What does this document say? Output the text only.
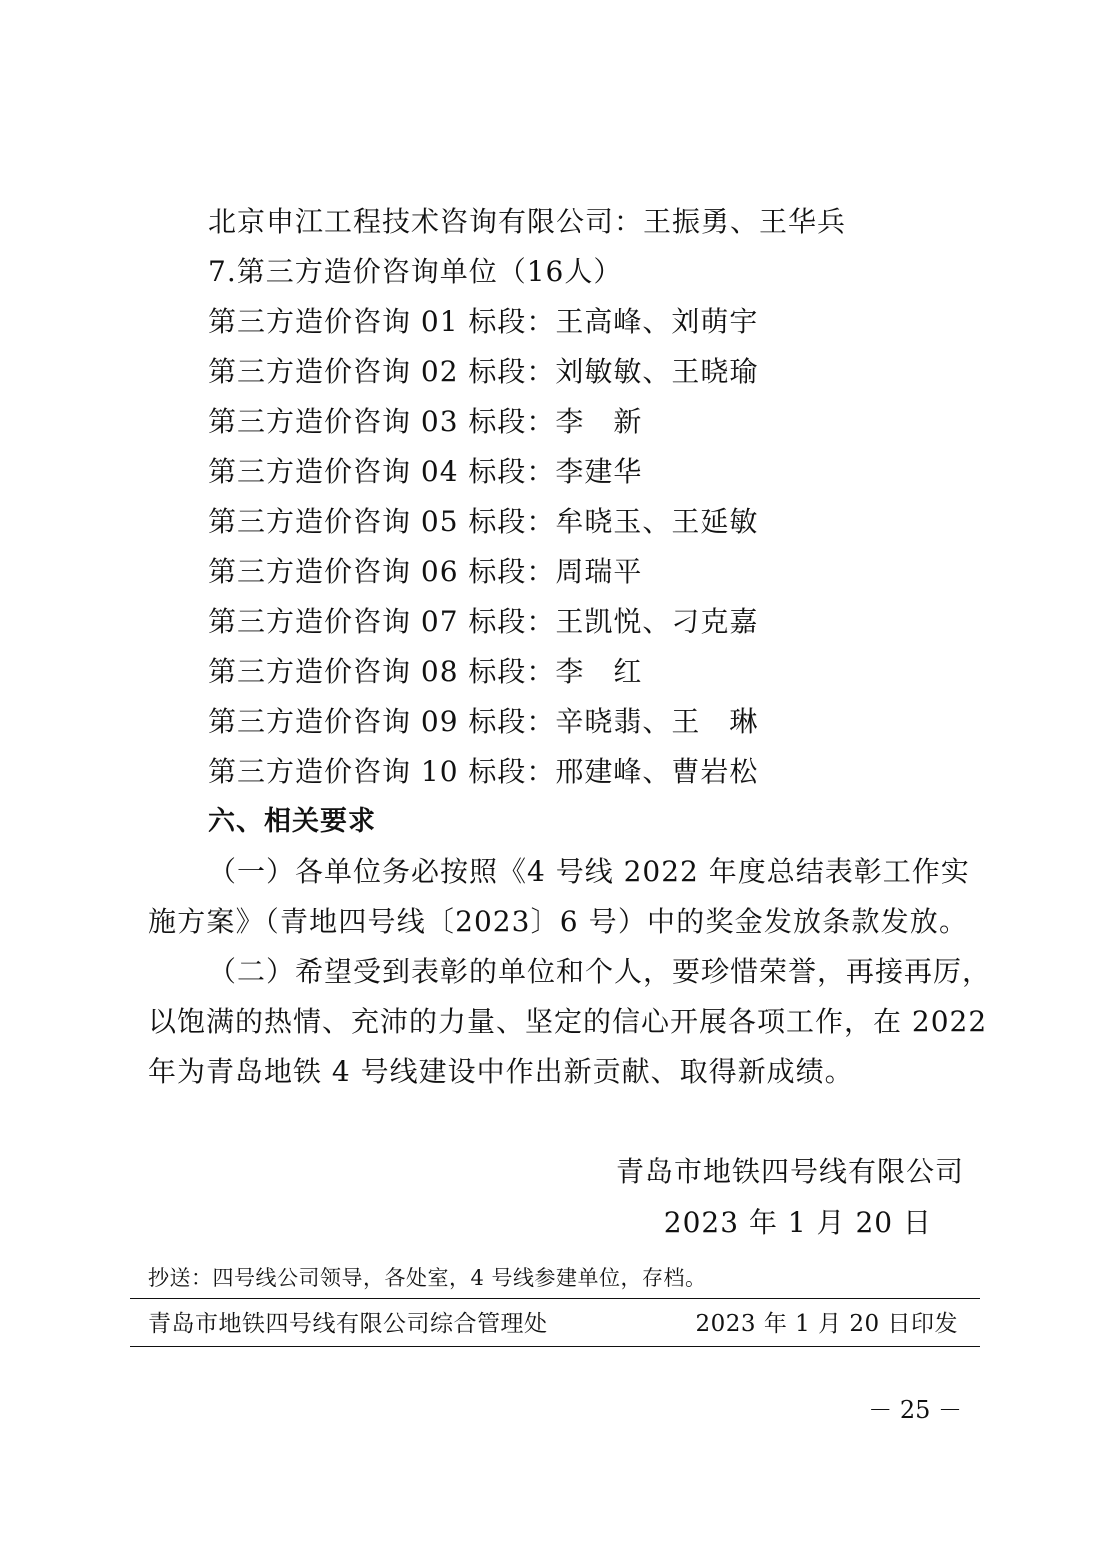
北京申江工程技术咨询有限公司：王振勇、王华兵
7.第三方造价咨询单位（16人）
第三方造价咨询 01 标段：王高峰、刘萌宇
第三方造价咨询 02 标段：刘敏敏、王晓瑜
第三方造价咨询 03 标段：李　新
第三方造价咨询 04 标段：李建华
第三方造价咨询 05 标段：牟晓玉、王延敏
第三方造价咨询 06 标段：周瑞平
第三方造价咨询 07 标段：王凯悦、刁克嘉
第三方造价咨询 08 标段：李　红
第三方造价咨询 09 标段：辛晓翡、王　琳
第三方造价咨询 10 标段：邢建峰、曹岩松
六、相关要求
（一）各单位务必按照《4 号线 2022 年度总结表彰工作实
施方案》（青地四号线〔2023〕6 号）中的奖金发放条款发放。
（二）希望受到表彰的单位和个人，要珍惜荣誉，再接再厉，
以饱满的热情、充沛的力量、坚定的信心开展各项工作，在 2022
年为青岛地铁 4 号线建设中作出新贡献、取得新成绩。
青岛市地铁四号线有限公司
2023 年 1 月 20 日
抄送：四号线公司领导，各处室，4 号线参建单位，存档。
青岛市地铁四号线有限公司综合管理处	2023 年 1 月 20 日印发
－ 25 －
